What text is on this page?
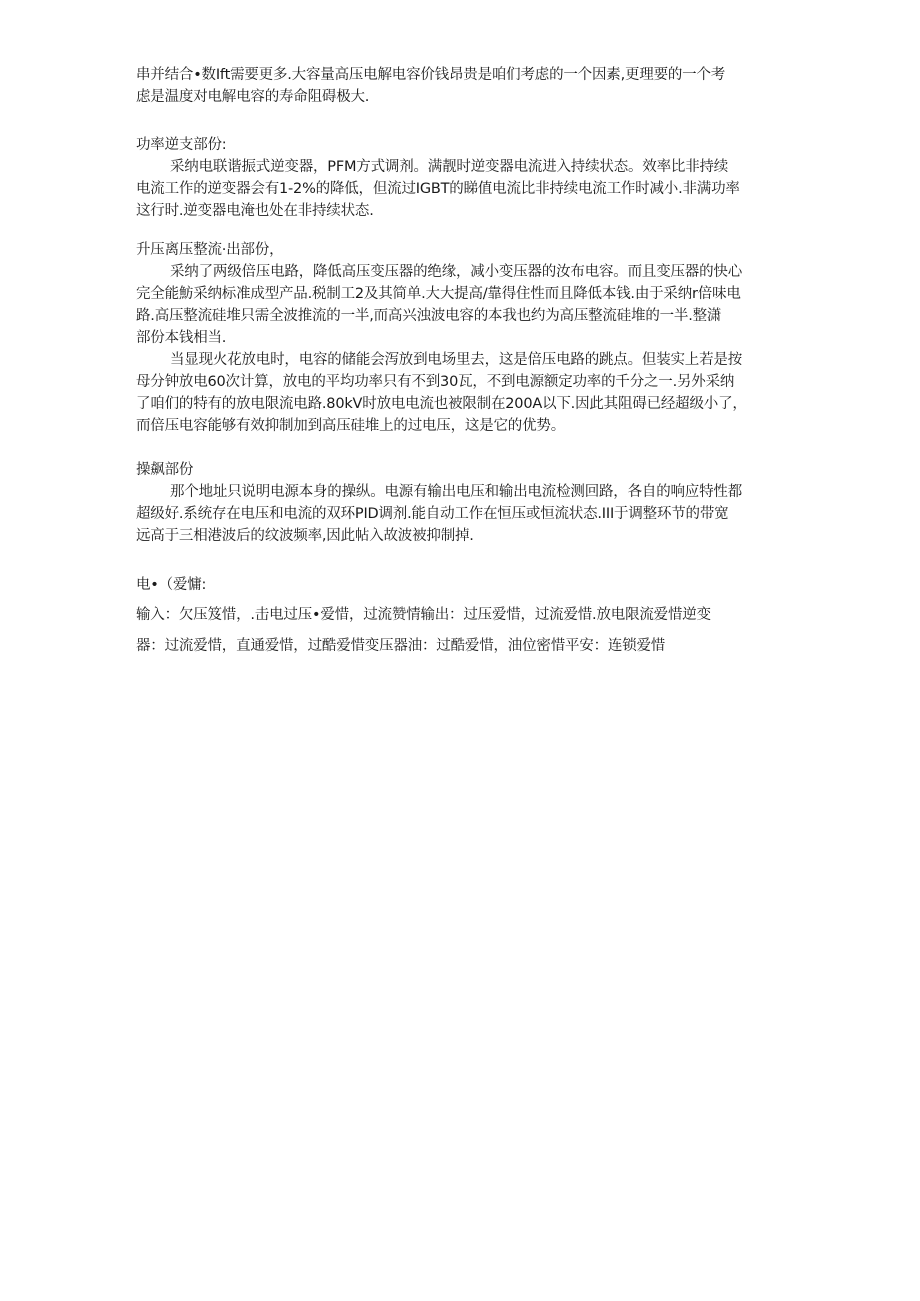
串并结合•数Ift需要更多.大容量高压电解电容价钱昂贵是咱们考虑的一个因素,更理要的一个考
虑是温度对电解电容的寿命阻碍极大.
功率逆支部份:
采纳电联谐振式逆变器，PFM方式调剂。满靓时逆变器电流进入持续状态。效率比非持续
电流工作的逆变器会有1-2%的降低，但流过IGBT的睇值电流比非持续电流工作时减小.非满功率
这行时.逆变器电淹也处在非持续状态.
升压离压整流·出部份，
采纳了两级倍压电路，降低高压变压器的绝缘，减小变压器的汝布电容。而且变压器的快心
完全能魴采纳标准成型产品.税制工2及其简单.大大提高/靠得住性而且降低本钱.由于采纳r倍味电
路.高压整流硅堆只需全波推流的一半,而高兴浊波电容的本我也约为高压整流硅堆的一半.整潇
部份本钱相当.
当显现火花放电时，电容的储能会泻放到电场里去，这是倍压电路的跳点。但装实上若是按
母分钟放电60次计算，放电的平均功率只有不到30瓦，不到电源额定功率的千分之一.另外采纳
了咱们的特有的放电限流电路.80kV时放电电流也被限制在200A以下.因此其阻碍已经超级小了，
而倍压电容能够有效抑制加到高压硅堆上的过电压，这是它的优势。
操飙部份
那个地址只说明电源本身的操纵。电源有输出电压和输出电流检测回路，各自的响应特性都
超级好.系统存在电压和电流的双环PID调剂.能自动工作在恒压或恒流状态.III于调整环节的带宽
远高于三相港波后的纹波频率,因此帖入故波被抑制掉.
电•（爱慵:
输入：欠压笈惜，.击电过压•爱惜，过流赞情输出：过压爱惜，过流爱惜.放电限流爱惜逆变
器：过流爱惜，直通爱惜，过酷爱惜变压器油：过酷爱惜，油位密惜平安：连锁爱惜
